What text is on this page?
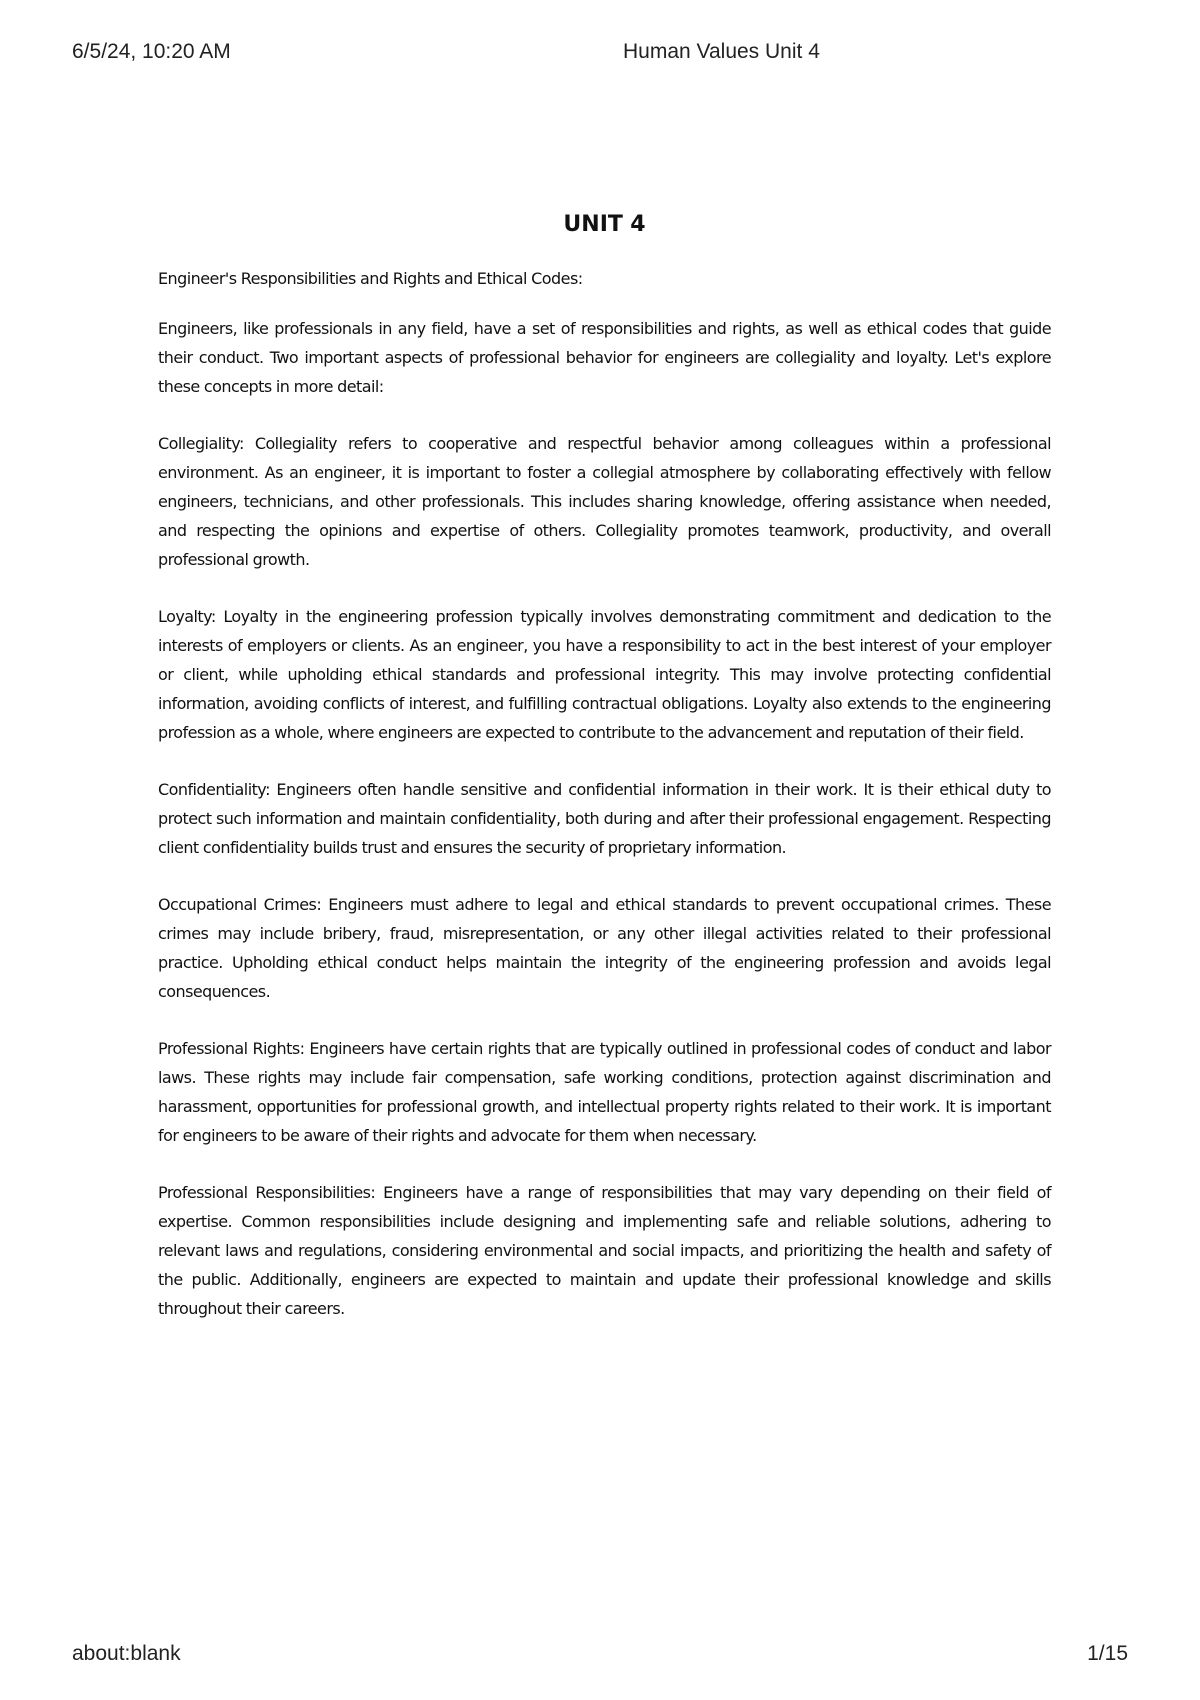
6/5/24, 10:20 AM	Human Values Unit 4
UNIT 4
Engineer's Responsibilities and Rights and Ethical Codes:

Engineers, like professionals in any field, have a set of responsibilities and rights, as well as ethical codes that guide their conduct. Two important aspects of professional behavior for engineers are collegiality and loyalty. Let's explore these concepts in more detail:

Collegiality: Collegiality refers to cooperative and respectful behavior among colleagues within a professional environment. As an engineer, it is important to foster a collegial atmosphere by collaborating effectively with fellow engineers, technicians, and other professionals. This includes sharing knowledge, offering assistance when needed, and respecting the opinions and expertise of others. Collegiality promotes teamwork, productivity, and overall professional growth.

Loyalty: Loyalty in the engineering profession typically involves demonstrating commitment and dedication to the interests of employers or clients. As an engineer, you have a responsibility to act in the best interest of your employer or client, while upholding ethical standards and professional integrity. This may involve protecting confidential information, avoiding conflicts of interest, and fulfilling contractual obligations. Loyalty also extends to the engineering profession as a whole, where engineers are expected to contribute to the advancement and reputation of their field.

Confidentiality: Engineers often handle sensitive and confidential information in their work. It is their ethical duty to protect such information and maintain confidentiality, both during and after their professional engagement. Respecting client confidentiality builds trust and ensures the security of proprietary information.

Occupational Crimes: Engineers must adhere to legal and ethical standards to prevent occupational crimes. These crimes may include bribery, fraud, misrepresentation, or any other illegal activities related to their professional practice. Upholding ethical conduct helps maintain the integrity of the engineering profession and avoids legal consequences.

Professional Rights: Engineers have certain rights that are typically outlined in professional codes of conduct and labor laws. These rights may include fair compensation, safe working conditions, protection against discrimination and harassment, opportunities for professional growth, and intellectual property rights related to their work. It is important for engineers to be aware of their rights and advocate for them when necessary.

Professional Responsibilities: Engineers have a range of responsibilities that may vary depending on their field of expertise. Common responsibilities include designing and implementing safe and reliable solutions, adhering to relevant laws and regulations, considering environmental and social impacts, and prioritizing the health and safety of the public. Additionally, engineers are expected to maintain and update their professional knowledge and skills throughout their careers.

about:blank	1/15
